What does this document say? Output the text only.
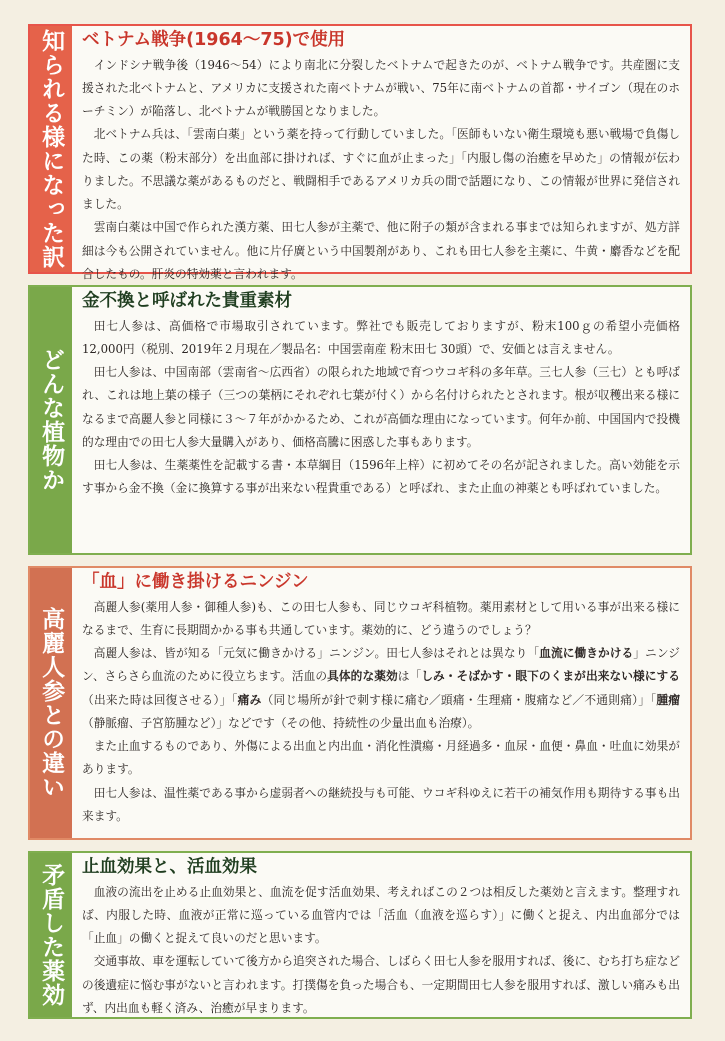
知られる様になった訳 ベトナム戦争(1964〜75)で使用

インドシナ戦争後（1946〜54）により南北に分裂したベトナムで起きたのが、ベトナム戦争です。共産圏に支援された北ベトナムと、アメリカに支援された南ベトナムが戦い、75年に南ベトナムの首都・サイゴン（現在のホーチミン）が陥落し、北ベトナムが戦勝国となりました。

北ベトナム兵は、「雲南白薬」という薬を持って行動していました。「医師もいない衛生環境も悪い戦場で負傷した時、この薬（粉末部分）を出血部に掛ければ、すぐに血が止まった」「内服し傷の治癒を早めた」の情報が伝わりました。不思議な薬があるものだと、戦闘相手であるアメリカ兵の間で話題になり、この情報が世界に発信されました。

雲南白薬は中国で作られた漢方薬、田七人参が主薬で、他に附子の類が含まれる事までは知られますが、処方詳細は今も公開されていません。他に片仔廣という中国製剤があり、これも田七人参を主薬に、牛黄・麝香などを配合したもの。肝炎の特効薬と言われます。

どんな植物か
金不換と呼ばれた貴重素材

田七人参は、高価格で市場取引されています。弊社でも販売しておりますが、粉末100ｇの希望小売価格12,000円（税別、2019年２月現在／製品名：中国雲南産 粉末田七 30頭）で、安価とは言えません。

田七人参は、中国南部（雲南省〜広西省）の限られた地域で育つウコギ科の多年草。三七人参（三七）とも呼ばれ、これは地上葉の様子（三つの葉柄にそれぞれ七葉が付く）から名付けられたとされます。根が収穫出来る様になるまで高麗人参と同様に３〜７年がかかるため、これが高価な理由になっています。何年か前、中国国内で投機的な理由での田七人参大量購入があり、価格高騰に困惑した事もあります。

田七人参は、生薬薬性を記載する書・本草綱目（1596年上梓）に初めてその名が記されました。高い効能を示す事から金不換（金に換算する事が出来ない程貴重である）と呼ばれ、また止血の神薬とも呼ばれていました。

高麗人参との違い
「血」に働き掛けるニンジン

高麗人参(薬用人参・御種人参)も、この田七人参も、同じウコギ科植物。薬用素材として用いる事が出来る様になるまで、生育に長期間かかる事も共通しています。薬効的に、どう違うのでしょう？

高麗人参は、皆が知る「元気に働きかける」ニンジン。田七人参はそれとは異なり「血流に働きかける」ニンジン、さらさら血流のために役立ちます。活血の具体的な薬効は「しみ・そばかす・眼下のくまが出来ない様にする（出来た時は回復させる）」「痛み（同じ場所が針で刺す様に痛む／頭痛・生理痛・腹痛など／不通則痛）」「腫瘤（静脈瘤、子宮筋腫など）」などです（その他、持続性の少量出血も治療）。

また止血するものであり、外傷による出血と内出血・消化性潰瘍・月経過多・血尿・血便・鼻血・吐血に効果があります。

田七人参は、温性薬である事から虚弱者への継続投与も可能、ウコギ科ゆえに若干の補気作用も期待する事も出来ます。

矛盾した薬効 止血効果と、活血効果

血液の流出を止める止血効果と、血流を促す活血効果、考えればこの２つは相反した薬効と言えます。整理すれば、内服した時、血液が正常に巡っている血管内では「活血（血液を巡らす）」に働くと捉え、内出血部分では「止血」の働くと捉えて良いのだと思います。

交通事故、車を運転していて後方から追突された場合、しばらく田七人参を服用すれば、後に、むち打ち症などの後遺症に悩む事がないと言われます。打撲傷を負った場合も、一定期間田七人参を服用すれば、激しい痛みも出ず、内出血も軽く済み、治癒が早まります。
